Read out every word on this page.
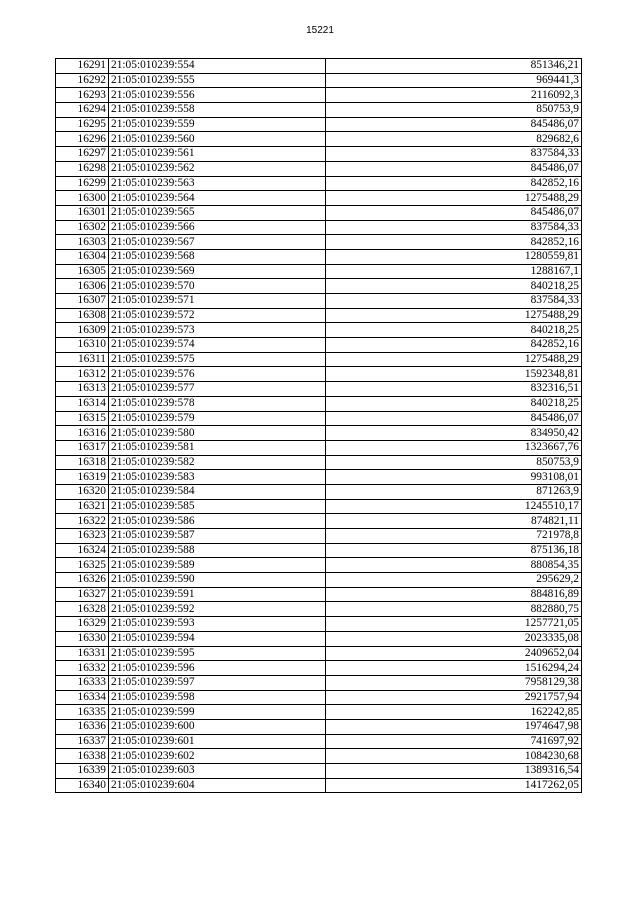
15221
16291	21:05:010239:554	851346,21
16292	21:05:010239:555	969441,3
16293	21:05:010239:556	2116092,3
16294	21:05:010239:558	850753,9
16295	21:05:010239:559	845486,07
16296	21:05:010239:560	829682,6
16297	21:05:010239:561	837584,33
16298	21:05:010239:562	845486,07
16299	21:05:010239:563	842852,16
16300	21:05:010239:564	1275488,29
16301	21:05:010239:565	845486,07
16302	21:05:010239:566	837584,33
16303	21:05:010239:567	842852,16
16304	21:05:010239:568	1280559,81
16305	21:05:010239:569	1288167,1
16306	21:05:010239:570	840218,25
16307	21:05:010239:571	837584,33
16308	21:05:010239:572	1275488,29
16309	21:05:010239:573	840218,25
16310	21:05:010239:574	842852,16
16311	21:05:010239:575	1275488,29
16312	21:05:010239:576	1592348,81
16313	21:05:010239:577	832316,51
16314	21:05:010239:578	840218,25
16315	21:05:010239:579	845486,07
16316	21:05:010239:580	834950,42
16317	21:05:010239:581	1323667,76
16318	21:05:010239:582	850753,9
16319	21:05:010239:583	993108,01
16320	21:05:010239:584	871263,9
16321	21:05:010239:585	1245510,17
16322	21:05:010239:586	874821,11
16323	21:05:010239:587	721978,8
16324	21:05:010239:588	875136,18
16325	21:05:010239:589	880854,35
16326	21:05:010239:590	295629,2
16327	21:05:010239:591	884816,89
16328	21:05:010239:592	882880,75
16329	21:05:010239:593	1257721,05
16330	21:05:010239:594	2023335,08
16331	21:05:010239:595	2409652,04
16332	21:05:010239:596	1516294,24
16333	21:05:010239:597	7958129,38
16334	21:05:010239:598	2921757,94
16335	21:05:010239:599	162242,85
16336	21:05:010239:600	1974647,98
16337	21:05:010239:601	741697,92
16338	21:05:010239:602	1084230,68
16339	21:05:010239:603	1389316,54
16340	21:05:010239:604	1417262,05
